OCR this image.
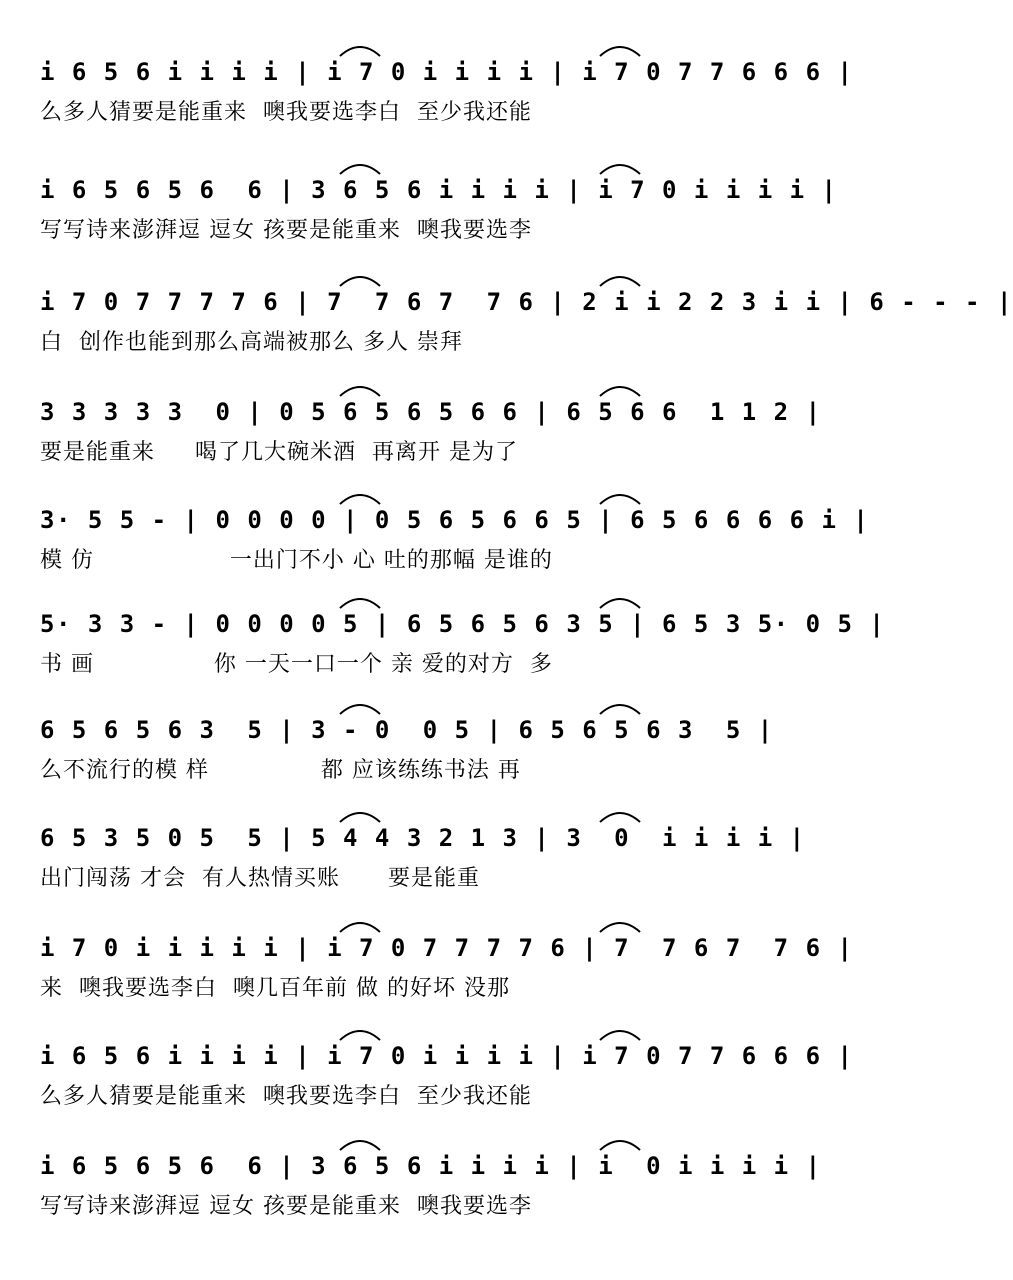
i 6 5 6 i i i i | i 7 0 i i i i | i 7 0 7 7 6 6 6 |
么多人猜要是能重来  噢我要选李白  至少我还能
i 6 5 6 5 6  6 | 3 6 5 6 i i i i | i 7 0 i i i i |
写写诗来澎湃逗 逗女 孩要是能重来  噢我要选李
i 7 0 7 7 7 7 6 | 7  7 6 7  7 6 | 2 i i 2 2 3 i i | 6 - - - |
白  创作也能到那么高端被那么 多人 崇拜
3 3 3 3 3  0 | 0 5 6 5 6 5 6 6 | 6 5 6 6  1 1 2 |
要是能重来     喝了几大碗米酒  再离开 是为了
3· 5 5 - | 0 0 0 0 | 0 5 6 5 6 6 5 | 6 5 6 6 6 6 i |
模 仿                 一出门不小 心 吐的那幅 是谁的
5· 3 3 - | 0 0 0 0 5 | 6 5 6 5 6 3 5 | 6 5 3 5· 0 5 |
书 画               你 一天一口一个 亲 爱的对方  多
6 5 6 5 6 3  5 | 3 - 0  0 5 | 6 5 6 5 6 3  5 |
么不流行的模 样              都 应该练练书法 再
6 5 3 5 0 5  5 | 5 4 4 3 2 1 3 | 3  0  i i i i |
出门闯荡 才会  有人热情买账      要是能重
i 7 0 i i i i i | i 7 0 7 7 7 7 6 | 7  7 6 7  7 6 |
来  噢我要选李白  噢几百年前 做 的好坏 没那
i 6 5 6 i i i i | i 7 0 i i i i | i 7 0 7 7 6 6 6 |
么多人猜要是能重来  噢我要选李白  至少我还能
i 6 5 6 5 6  6 | 3 6 5 6 i i i i | i  0 i i i i |
写写诗来澎湃逗 逗女 孩要是能重来  噢我要选李
